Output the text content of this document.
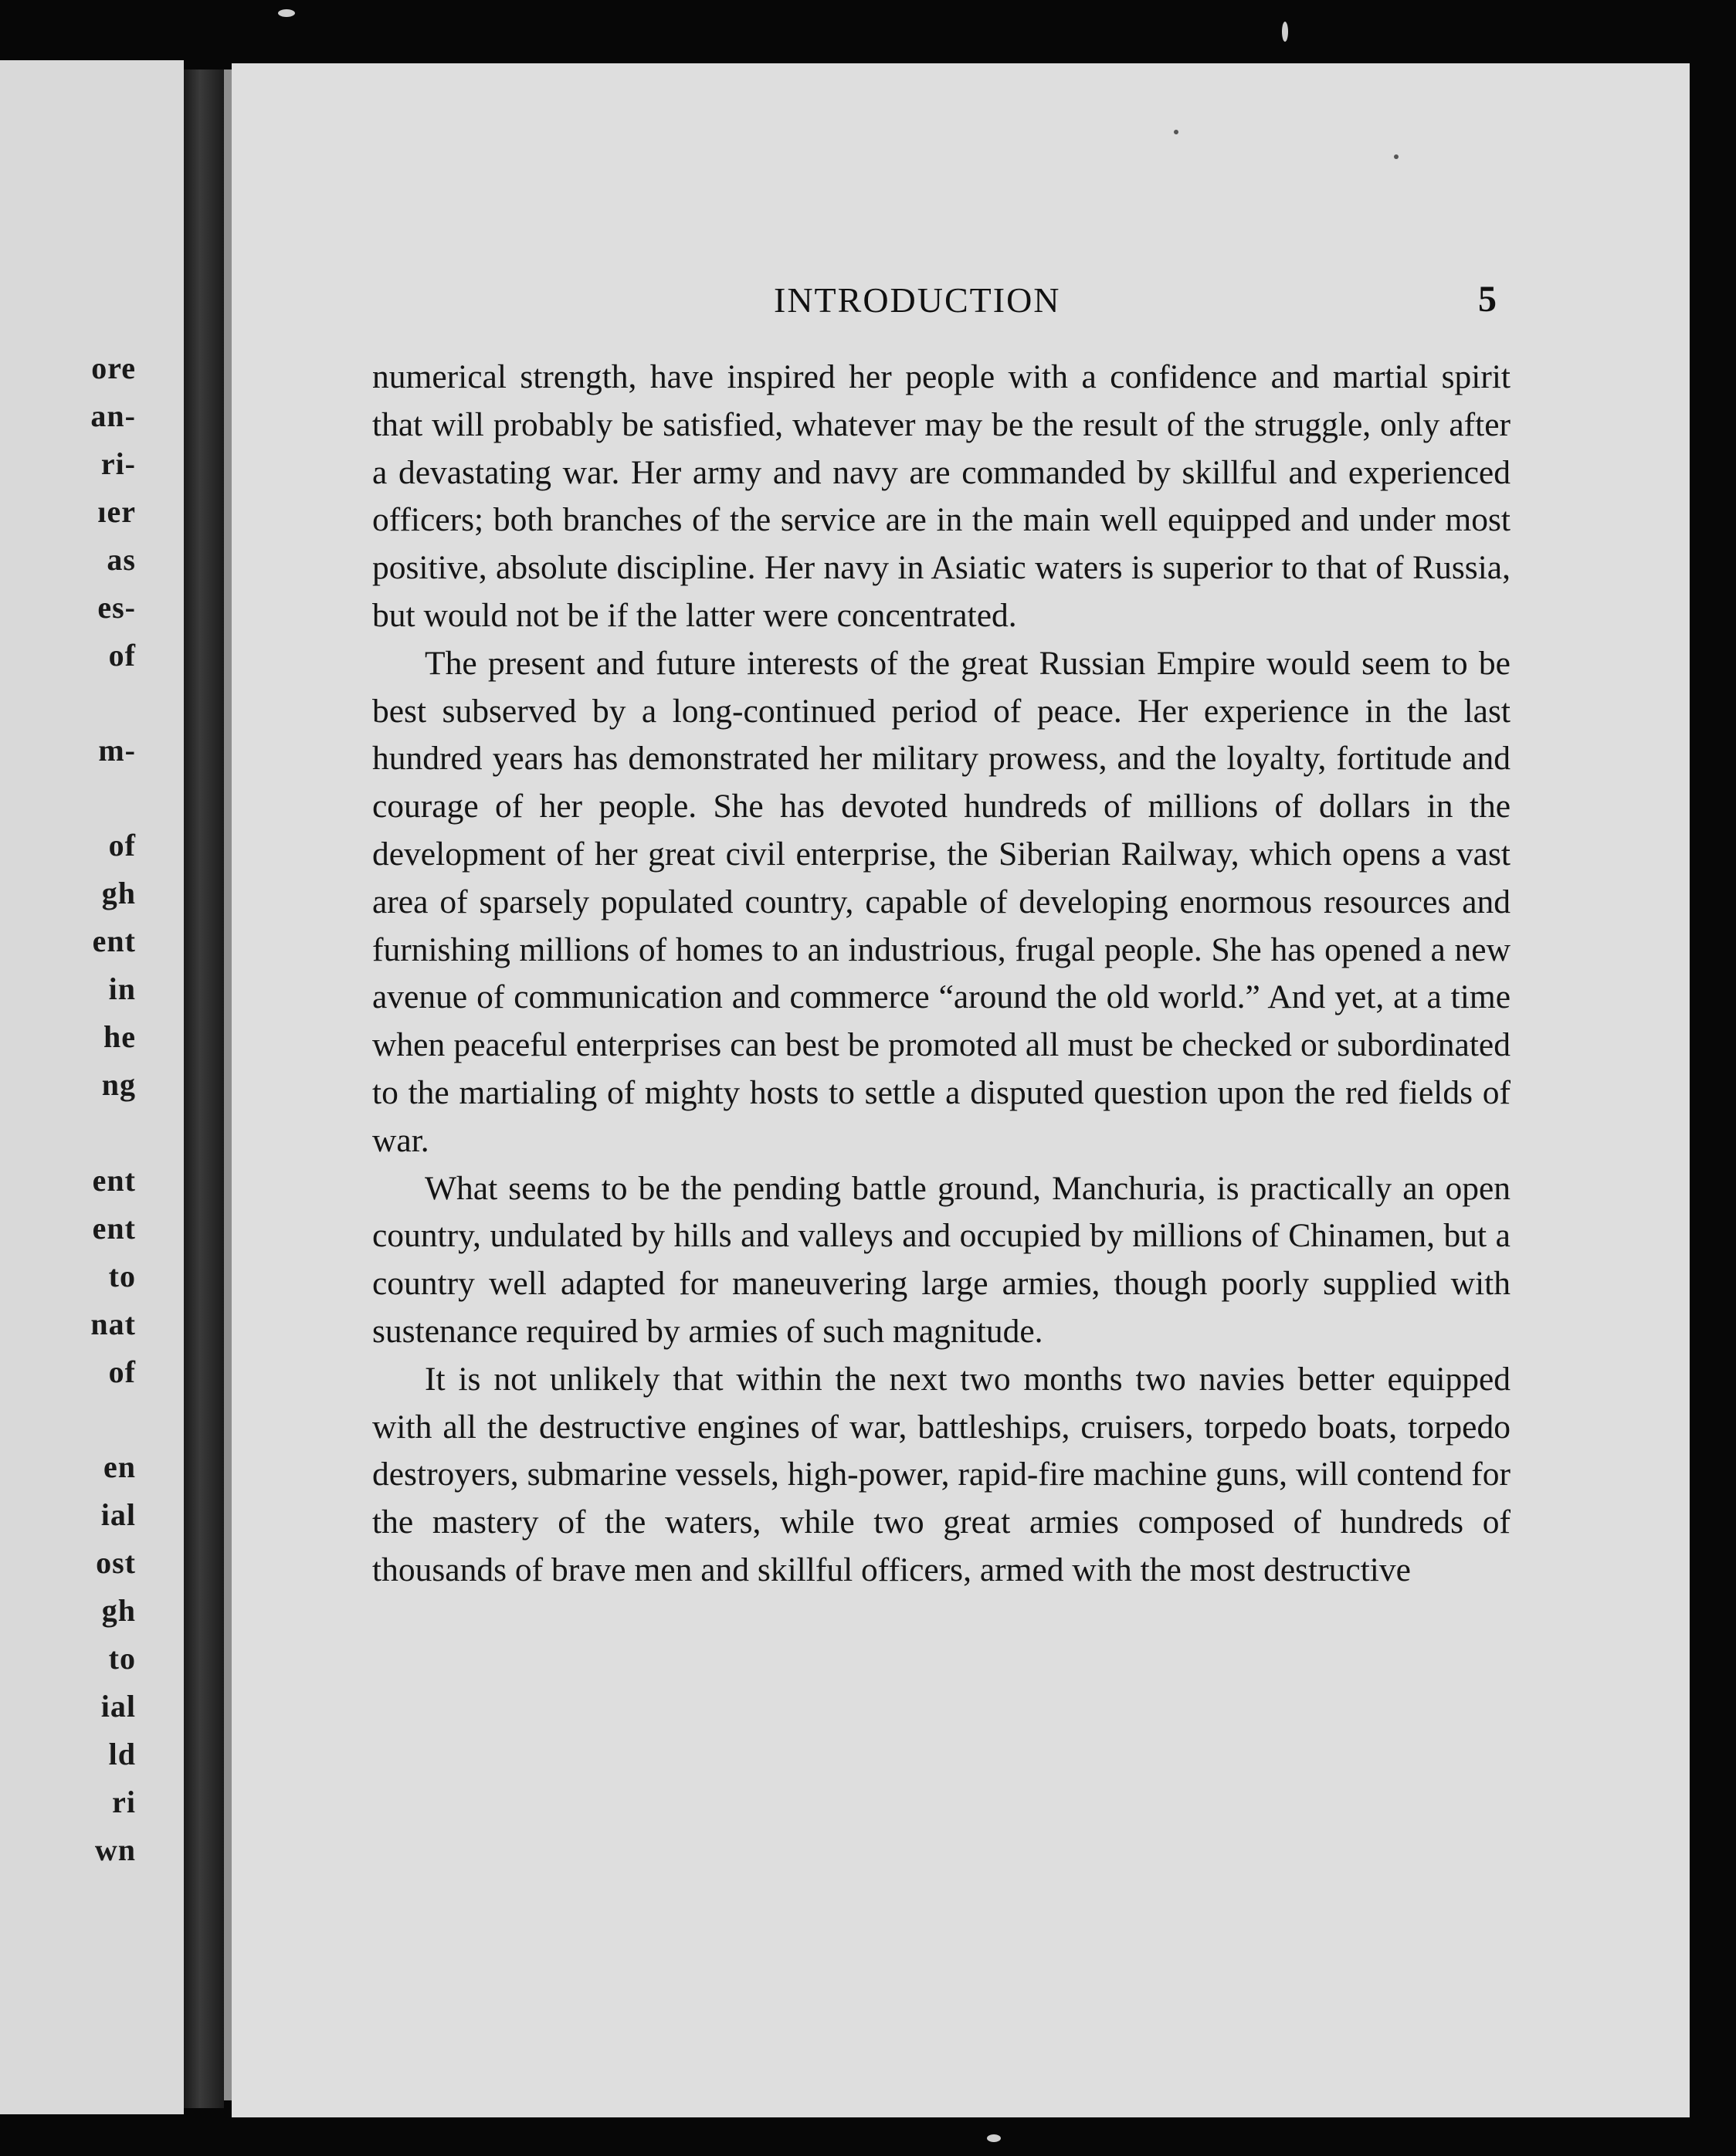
ore
an-
ri-
ıer
as
es-
of
m-
of
gh
ent
in
he
ng
ent
ent
to
nat
of
en
ial
ost
gh
to
ial
ld
ri
wn
INTRODUCTION	5

numerical strength, have inspired her people with a confidence and martial spirit that will probably be satisfied, whatever may be the result of the struggle, only after a devastating war. Her army and navy are commanded by skillful and experienced officers; both branches of the service are in the main well equipped and under most positive, absolute discipline. Her navy in Asiatic waters is superior to that of Russia, but would not be if the latter were concentrated.

The present and future interests of the great Russian Empire would seem to be best subserved by a long-continued period of peace. Her experience in the last hundred years has demonstrated her military prowess, and the loyalty, fortitude and courage of her people. She has devoted hundreds of millions of dollars in the development of her great civil enterprise, the Siberian Railway, which opens a vast area of sparsely populated country, capable of developing enormous resources and furnishing millions of homes to an industrious, frugal people. She has opened a new avenue of communication and commerce “around the old world.” And yet, at a time when peaceful enterprises can best be promoted all must be checked or subordinated to the martialing of mighty hosts to settle a disputed question upon the red fields of war.

What seems to be the pending battle ground, Manchuria, is practically an open country, undulated by hills and valleys and occupied by millions of Chinamen, but a country well adapted for maneuvering large armies, though poorly supplied with sustenance required by armies of such magnitude.

It is not unlikely that within the next two months two navies better equipped with all the destructive engines of war, battleships, cruisers, torpedo boats, torpedo destroyers, submarine vessels, high-power, rapid-fire machine guns, will contend for the mastery of the waters, while two great armies composed of hundreds of thousands of brave men and skillful officers, armed with the most destructive
